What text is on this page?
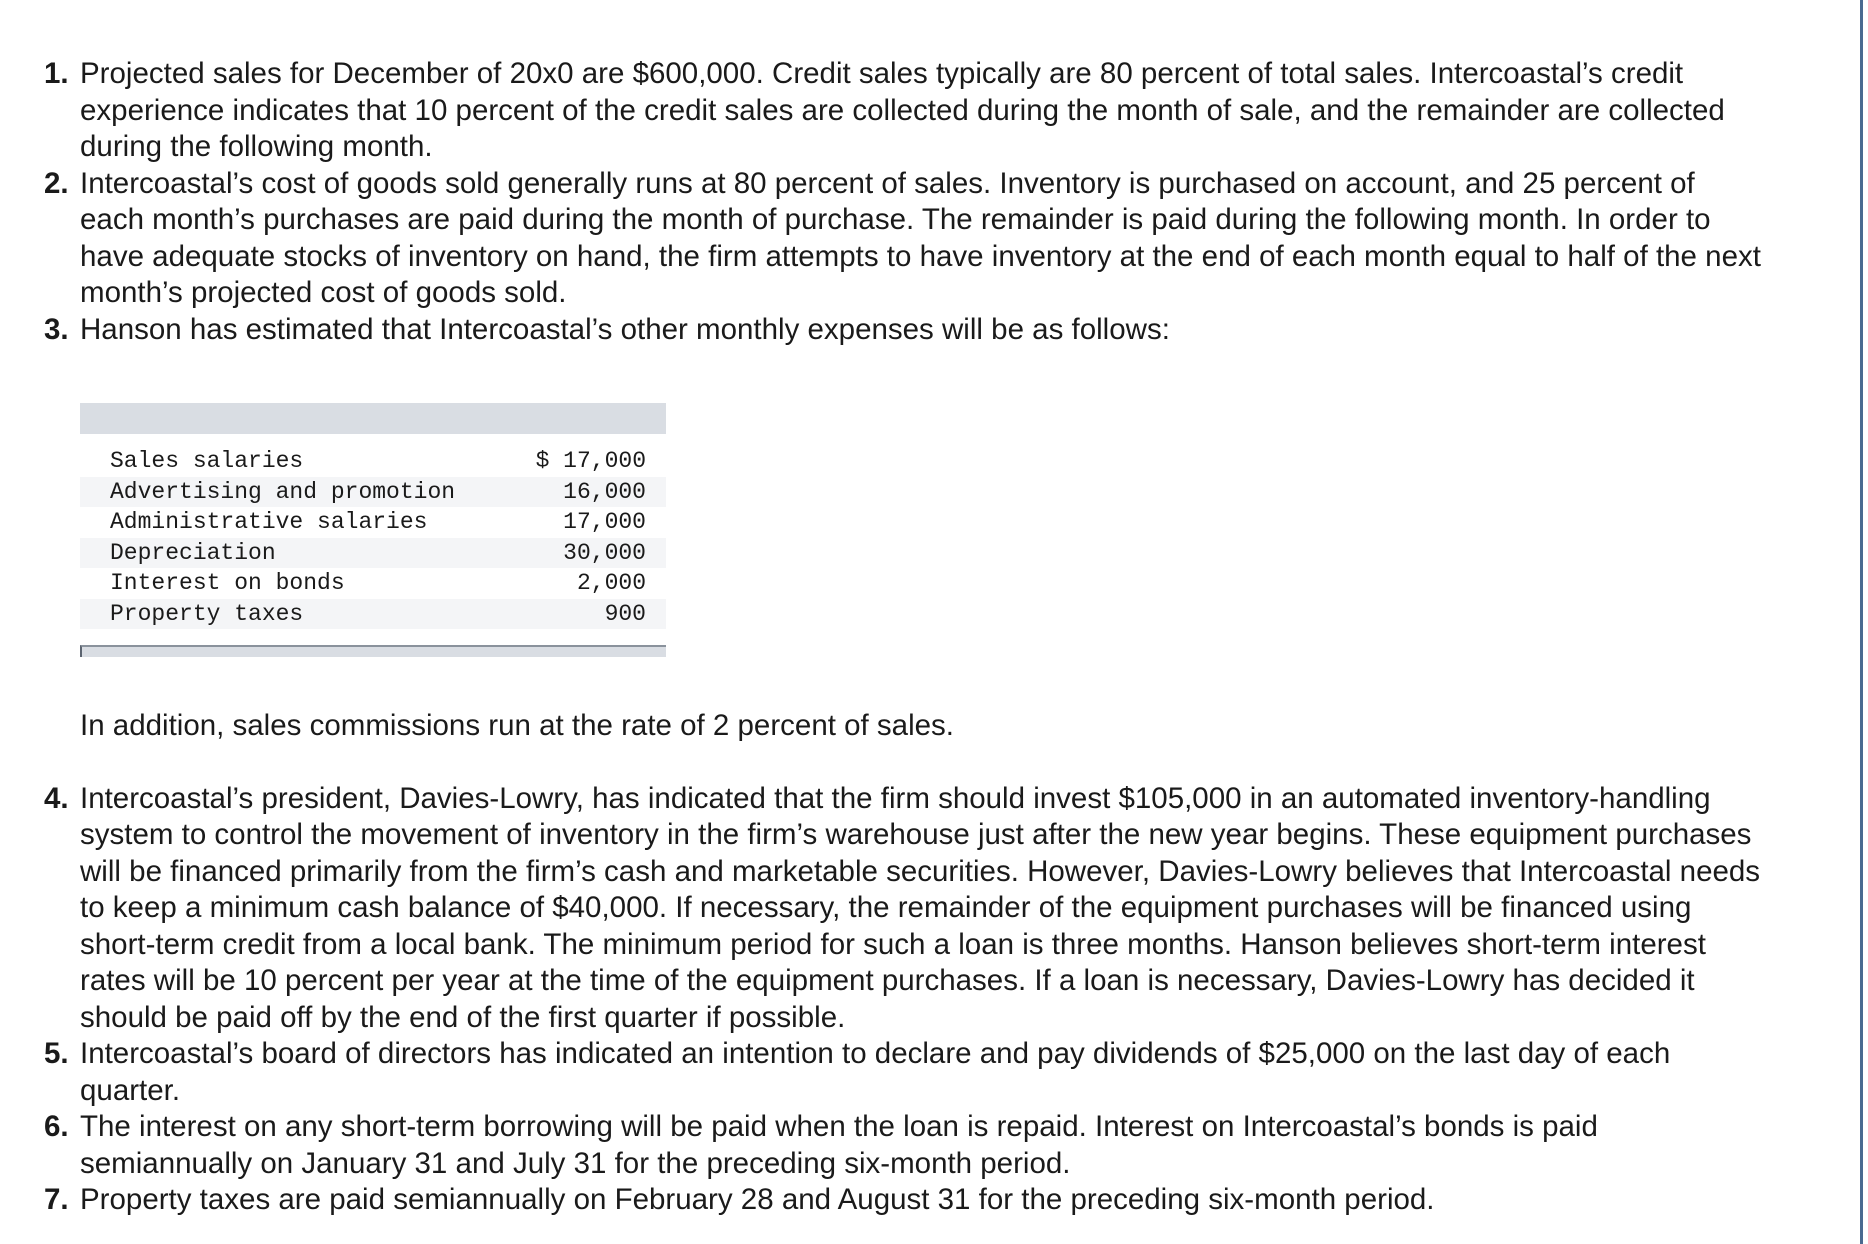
1. Projected sales for December of 20x0 are $600,000. Credit sales typically are 80 percent of total sales. Intercoastal’s credit experience indicates that 10 percent of the credit sales are collected during the month of sale, and the remainder are collected during the following month.
2. Intercoastal’s cost of goods sold generally runs at 80 percent of sales. Inventory is purchased on account, and 25 percent of each month’s purchases are paid during the month of purchase. The remainder is paid during the following month. In order to have adequate stocks of inventory on hand, the firm attempts to have inventory at the end of each month equal to half of the next month’s projected cost of goods sold.
3. Hanson has estimated that Intercoastal’s other monthly expenses will be as follows:
Sales salaries	$ 17,000
Advertising and promotion	16,000
Administrative salaries	17,000
Depreciation	30,000
Interest on bonds	2,000
Property taxes	900
In addition, sales commissions run at the rate of 2 percent of sales.
4. Intercoastal’s president, Davies-Lowry, has indicated that the firm should invest $105,000 in an automated inventory-handling system to control the movement of inventory in the firm’s warehouse just after the new year begins. These equipment purchases will be financed primarily from the firm’s cash and marketable securities. However, Davies-Lowry believes that Intercoastal needs to keep a minimum cash balance of $40,000. If necessary, the remainder of the equipment purchases will be financed using short-term credit from a local bank. The minimum period for such a loan is three months. Hanson believes short-term interest rates will be 10 percent per year at the time of the equipment purchases. If a loan is necessary, Davies-Lowry has decided it should be paid off by the end of the first quarter if possible.
5. Intercoastal’s board of directors has indicated an intention to declare and pay dividends of $25,000 on the last day of each quarter.
6. The interest on any short-term borrowing will be paid when the loan is repaid. Interest on Intercoastal’s bonds is paid semiannually on January 31 and July 31 for the preceding six-month period.
7. Property taxes are paid semiannually on February 28 and August 31 for the preceding six-month period.
